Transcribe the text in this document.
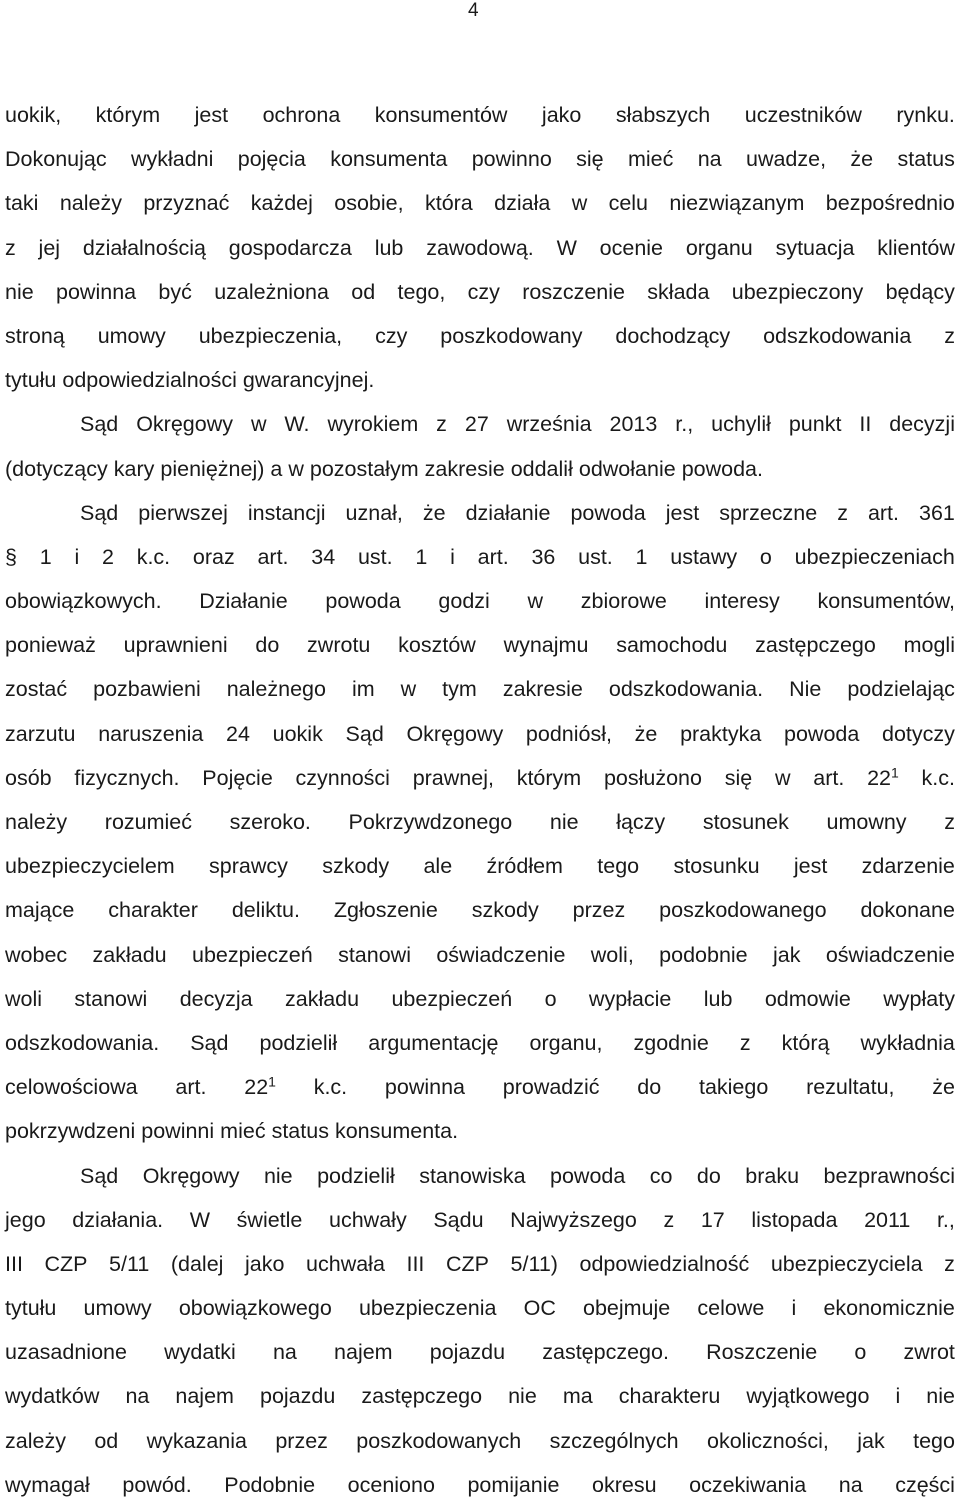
4
uokik, którym jest ochrona konsumentów jako słabszych uczestników rynku.
Dokonując wykładni pojęcia konsumenta powinno się mieć na uwadze, że status
taki należy przyznać każdej osobie, która działa w celu niezwiązanym bezpośrednio
z jej działalnością gospodarcza lub zawodową. W ocenie organu sytuacja klientów
nie powinna być uzależniona od tego, czy roszczenie składa ubezpieczony będący
stroną umowy ubezpieczenia, czy poszkodowany dochodzący odszkodowania z
tytułu odpowiedzialności gwarancyjnej.
Sąd Okręgowy w W. wyrokiem z 27 września 2013 r., uchylił punkt II decyzji
(dotyczący kary pieniężnej) a w pozostałym zakresie oddalił odwołanie powoda.
Sąd pierwszej instancji uznał, że działanie powoda jest sprzeczne z art. 361
§ 1 i 2 k.c. oraz art. 34 ust. 1 i art. 36 ust. 1 ustawy o ubezpieczeniach
obowiązkowych. Działanie powoda godzi w zbiorowe interesy konsumentów,
ponieważ uprawnieni do zwrotu kosztów wynajmu samochodu zastępczego mogli
zostać pozbawieni należnego im w tym zakresie odszkodowania. Nie podzielając
zarzutu naruszenia 24 uokik Sąd Okręgowy podniósł, że praktyka powoda dotyczy
osób fizycznych. Pojęcie czynności prawnej, którym posłużono się w art. $22^1$ k.c.
należy rozumieć szeroko. Pokrzywdzonego nie łączy stosunek umowny z
ubezpieczycielem sprawcy szkody ale źródłem tego stosunku jest zdarzenie
mające charakter deliktu. Zgłoszenie szkody przez poszkodowanego dokonane
wobec zakładu ubezpieczeń stanowi oświadczenie woli, podobnie jak oświadczenie
woli stanowi decyzja zakładu ubezpieczeń o wypłacie lub odmowie wypłaty
odszkodowania. Sąd podzielił argumentację organu, zgodnie z którą wykładnia
celowościowa art. $22^1$ k.c. powinna prowadzić do takiego rezultatu, że
pokrzywdzeni powinni mieć status konsumenta.
Sąd Okręgowy nie podzielił stanowiska powoda co do braku bezprawności
jego działania. W świetle uchwały Sądu Najwyższego z 17 listopada 2011 r.,
III CZP 5/11 (dalej jako uchwała III CZP 5/11) odpowiedzialność ubezpieczyciela z
tytułu umowy obowiązkowego ubezpieczenia OC obejmuje celowe i ekonomicznie
uzasadnione wydatki na najem pojazdu zastępczego. Roszczenie o zwrot
wydatków na najem pojazdu zastępczego nie ma charakteru wyjątkowego i nie
zależy od wykazania przez poszkodowanych szczególnych okoliczności, jak tego
wymagał powód. Podobnie oceniono pomijanie okresu oczekiwania na części
